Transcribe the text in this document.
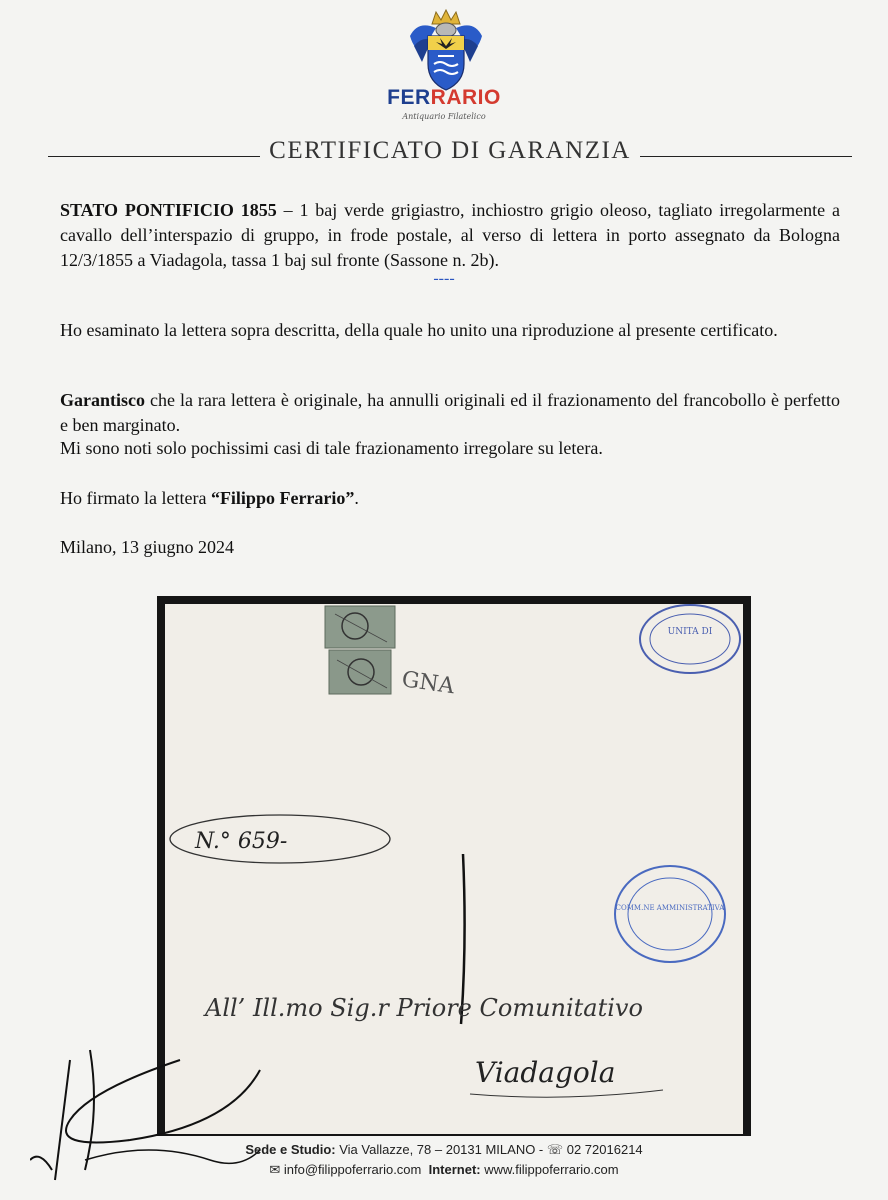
FERRARIO
Antiquario Filatelico
CERTIFICATO DI GARANZIA
STATO PONTIFICIO 1855 – 1 baj verde grigiastro, inchiostro grigio oleoso, tagliato irregolarmente a cavallo dell’interspazio di gruppo, in frode postale, al verso di lettera in porto assegnato da Bologna 12/3/1855 a Viadagola, tassa 1 baj sul fronte (Sassone n. 2b).
----
Ho esaminato la lettera sopra descritta, della quale ho unito una riproduzione al presente certificato.
Garantisco che la rara lettera è originale, ha annulli originali ed il frazionamento del francobollo è perfetto e ben marginato.
Mi sono noti solo pochissimi casi di tale frazionamento irregolare su letera.
Ho firmato la lettera “Filippo Ferrario”.
Milano, 13 giugno 2024
GNA
UNITA DI
N.° 659-
COMM.NE AMMINISTRATIVA
All’ Ill.mo Sig.r Priore Comunitativo
Viadagola
Sede e Studio: Via Vallazze, 78 – 20131 MILANO - ☏ 02 72016214
✉ info@filippoferrario.com Internet: www.filippoferrario.com
